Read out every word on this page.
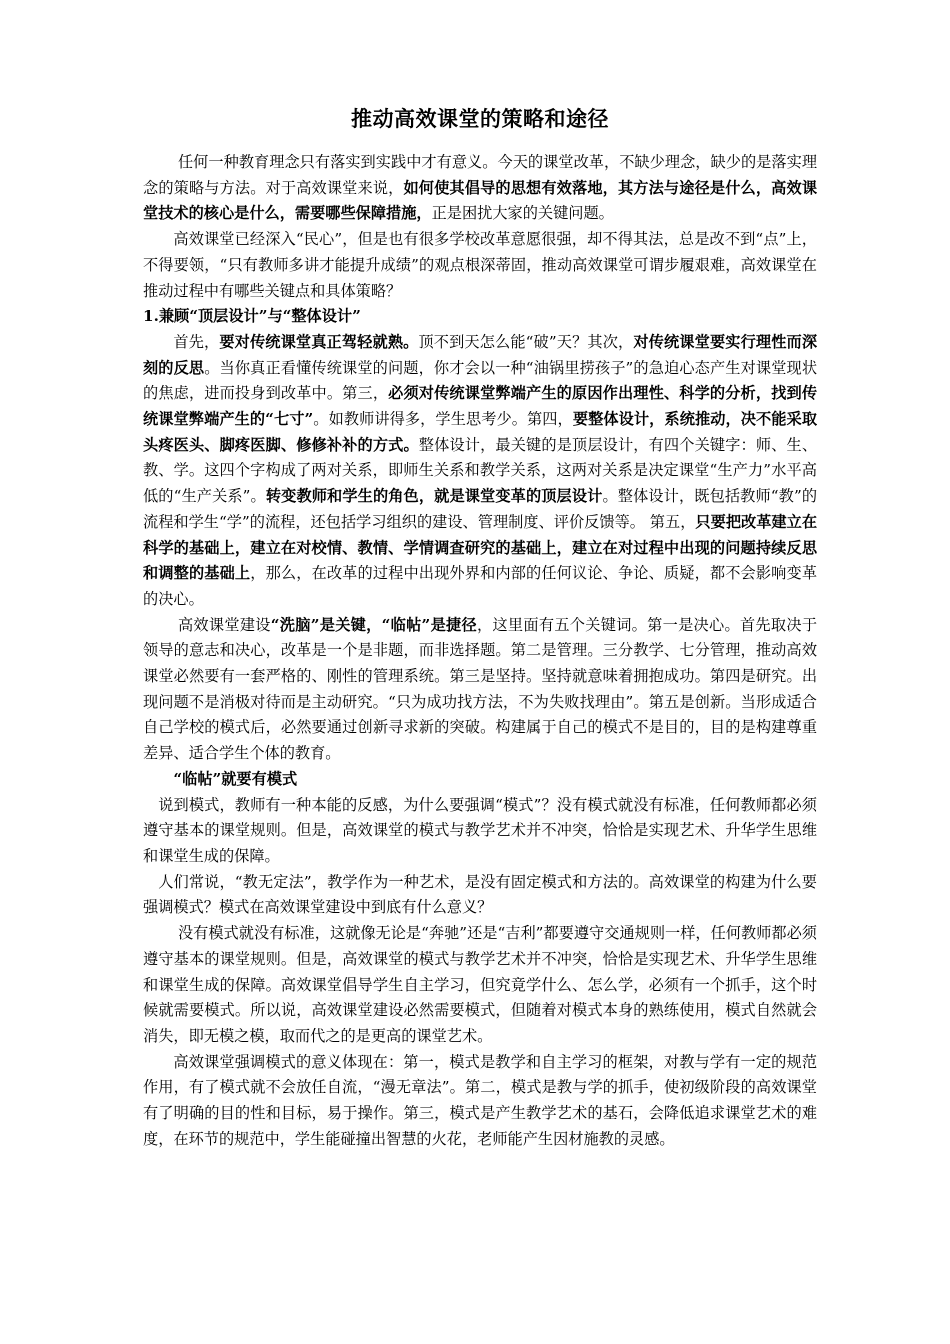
推动高效课堂的策略和途径

任何一种教育理念只有落实到实践中才有意义。今天的课堂改革，不缺少理念，缺少的是落实理念的策略与方法。对于高效课堂来说，如何使其倡导的思想有效落地，其方法与途径是什么，高效课堂技术的核心是什么，需要哪些保障措施，正是困扰大家的关键问题。

高效课堂已经深入“民心”，但是也有很多学校改革意愿很强，却不得其法，总是改不到“点”上，不得要领，“只有教师多讲才能提升成绩”的观点根深蒂固，推动高效课堂可谓步履艰难，高效课堂在推动过程中有哪些关键点和具体策略？

1.兼顾“顶层设计”与“整体设计”

首先，要对传统课堂真正驾轻就熟。顶不到天怎么能“破”天？其次，对传统课堂要实行理性而深刻的反思。当你真正看懂传统课堂的问题，你才会以一种“油锅里捞孩子”的急迫心态产生对课堂现状的焦虑，进而投身到改革中。第三，必须对传统课堂弊端产生的原因作出理性、科学的分析，找到传统课堂弊端产生的“七寸”。如教师讲得多，学生思考少。第四，要整体设计，系统推动，决不能采取头疼医头、脚疼医脚、修修补补的方式。整体设计，最关键的是顶层设计，有四个关键字：师、生、教、学。这四个字构成了两对关系，即师生关系和教学关系，这两对关系是决定课堂“生产力”水平高低的“生产关系”。转变教师和学生的角色，就是课堂变革的顶层设计。整体设计，既包括教师“教”的流程和学生“学”的流程，还包括学习组织的建设、管理制度、评价反馈等。 第五，只要把改革建立在科学的基础上，建立在对校情、教情、学情调查研究的基础上，建立在对过程中出现的问题持续反思和调整的基础上，那么，在改革的过程中出现外界和内部的任何议论、争论、质疑，都不会影响变革的决心。

高效课堂建设“洗脑”是关键，“临帖”是捷径，这里面有五个关键词。第一是决心。首先取决于领导的意志和决心，改革是一个是非题，而非选择题。第二是管理。三分教学、七分管理，推动高效课堂必然要有一套严格的、刚性的管理系统。第三是坚持。坚持就意味着拥抱成功。第四是研究。出现问题不是消极对待而是主动研究。“只为成功找方法，不为失败找理由”。第五是创新。当形成适合自己学校的模式后，必然要通过创新寻求新的突破。构建属于自己的模式不是目的，目的是构建尊重差异、适合学生个体的教育。

“临帖”就要有模式

说到模式，教师有一种本能的反感，为什么要强调“模式”？没有模式就没有标准，任何教师都必须遵守基本的课堂规则。但是，高效课堂的模式与教学艺术并不冲突，恰恰是实现艺术、升华学生思维和课堂生成的保障。

人们常说，“教无定法”，教学作为一种艺术，是没有固定模式和方法的。高效课堂的构建为什么要强调模式？模式在高效课堂建设中到底有什么意义？

没有模式就没有标准，这就像无论是“奔驰”还是“吉利”都要遵守交通规则一样，任何教师都必须遵守基本的课堂规则。但是，高效课堂的模式与教学艺术并不冲突，恰恰是实现艺术、升华学生思维和课堂生成的保障。高效课堂倡导学生自主学习，但究竟学什么、怎么学，必须有一个抓手，这个时候就需要模式。所以说，高效课堂建设必然需要模式，但随着对模式本身的熟练使用，模式自然就会消失，即无模之模，取而代之的是更高的课堂艺术。

高效课堂强调模式的意义体现在：第一，模式是教学和自主学习的框架，对教与学有一定的规范作用，有了模式就不会放任自流，“漫无章法”。第二，模式是教与学的抓手，使初级阶段的高效课堂有了明确的目的性和目标，易于操作。第三，模式是产生教学艺术的基石，会降低追求课堂艺术的难度，在环节的规范中，学生能碰撞出智慧的火花，老师能产生因材施教的灵感。
